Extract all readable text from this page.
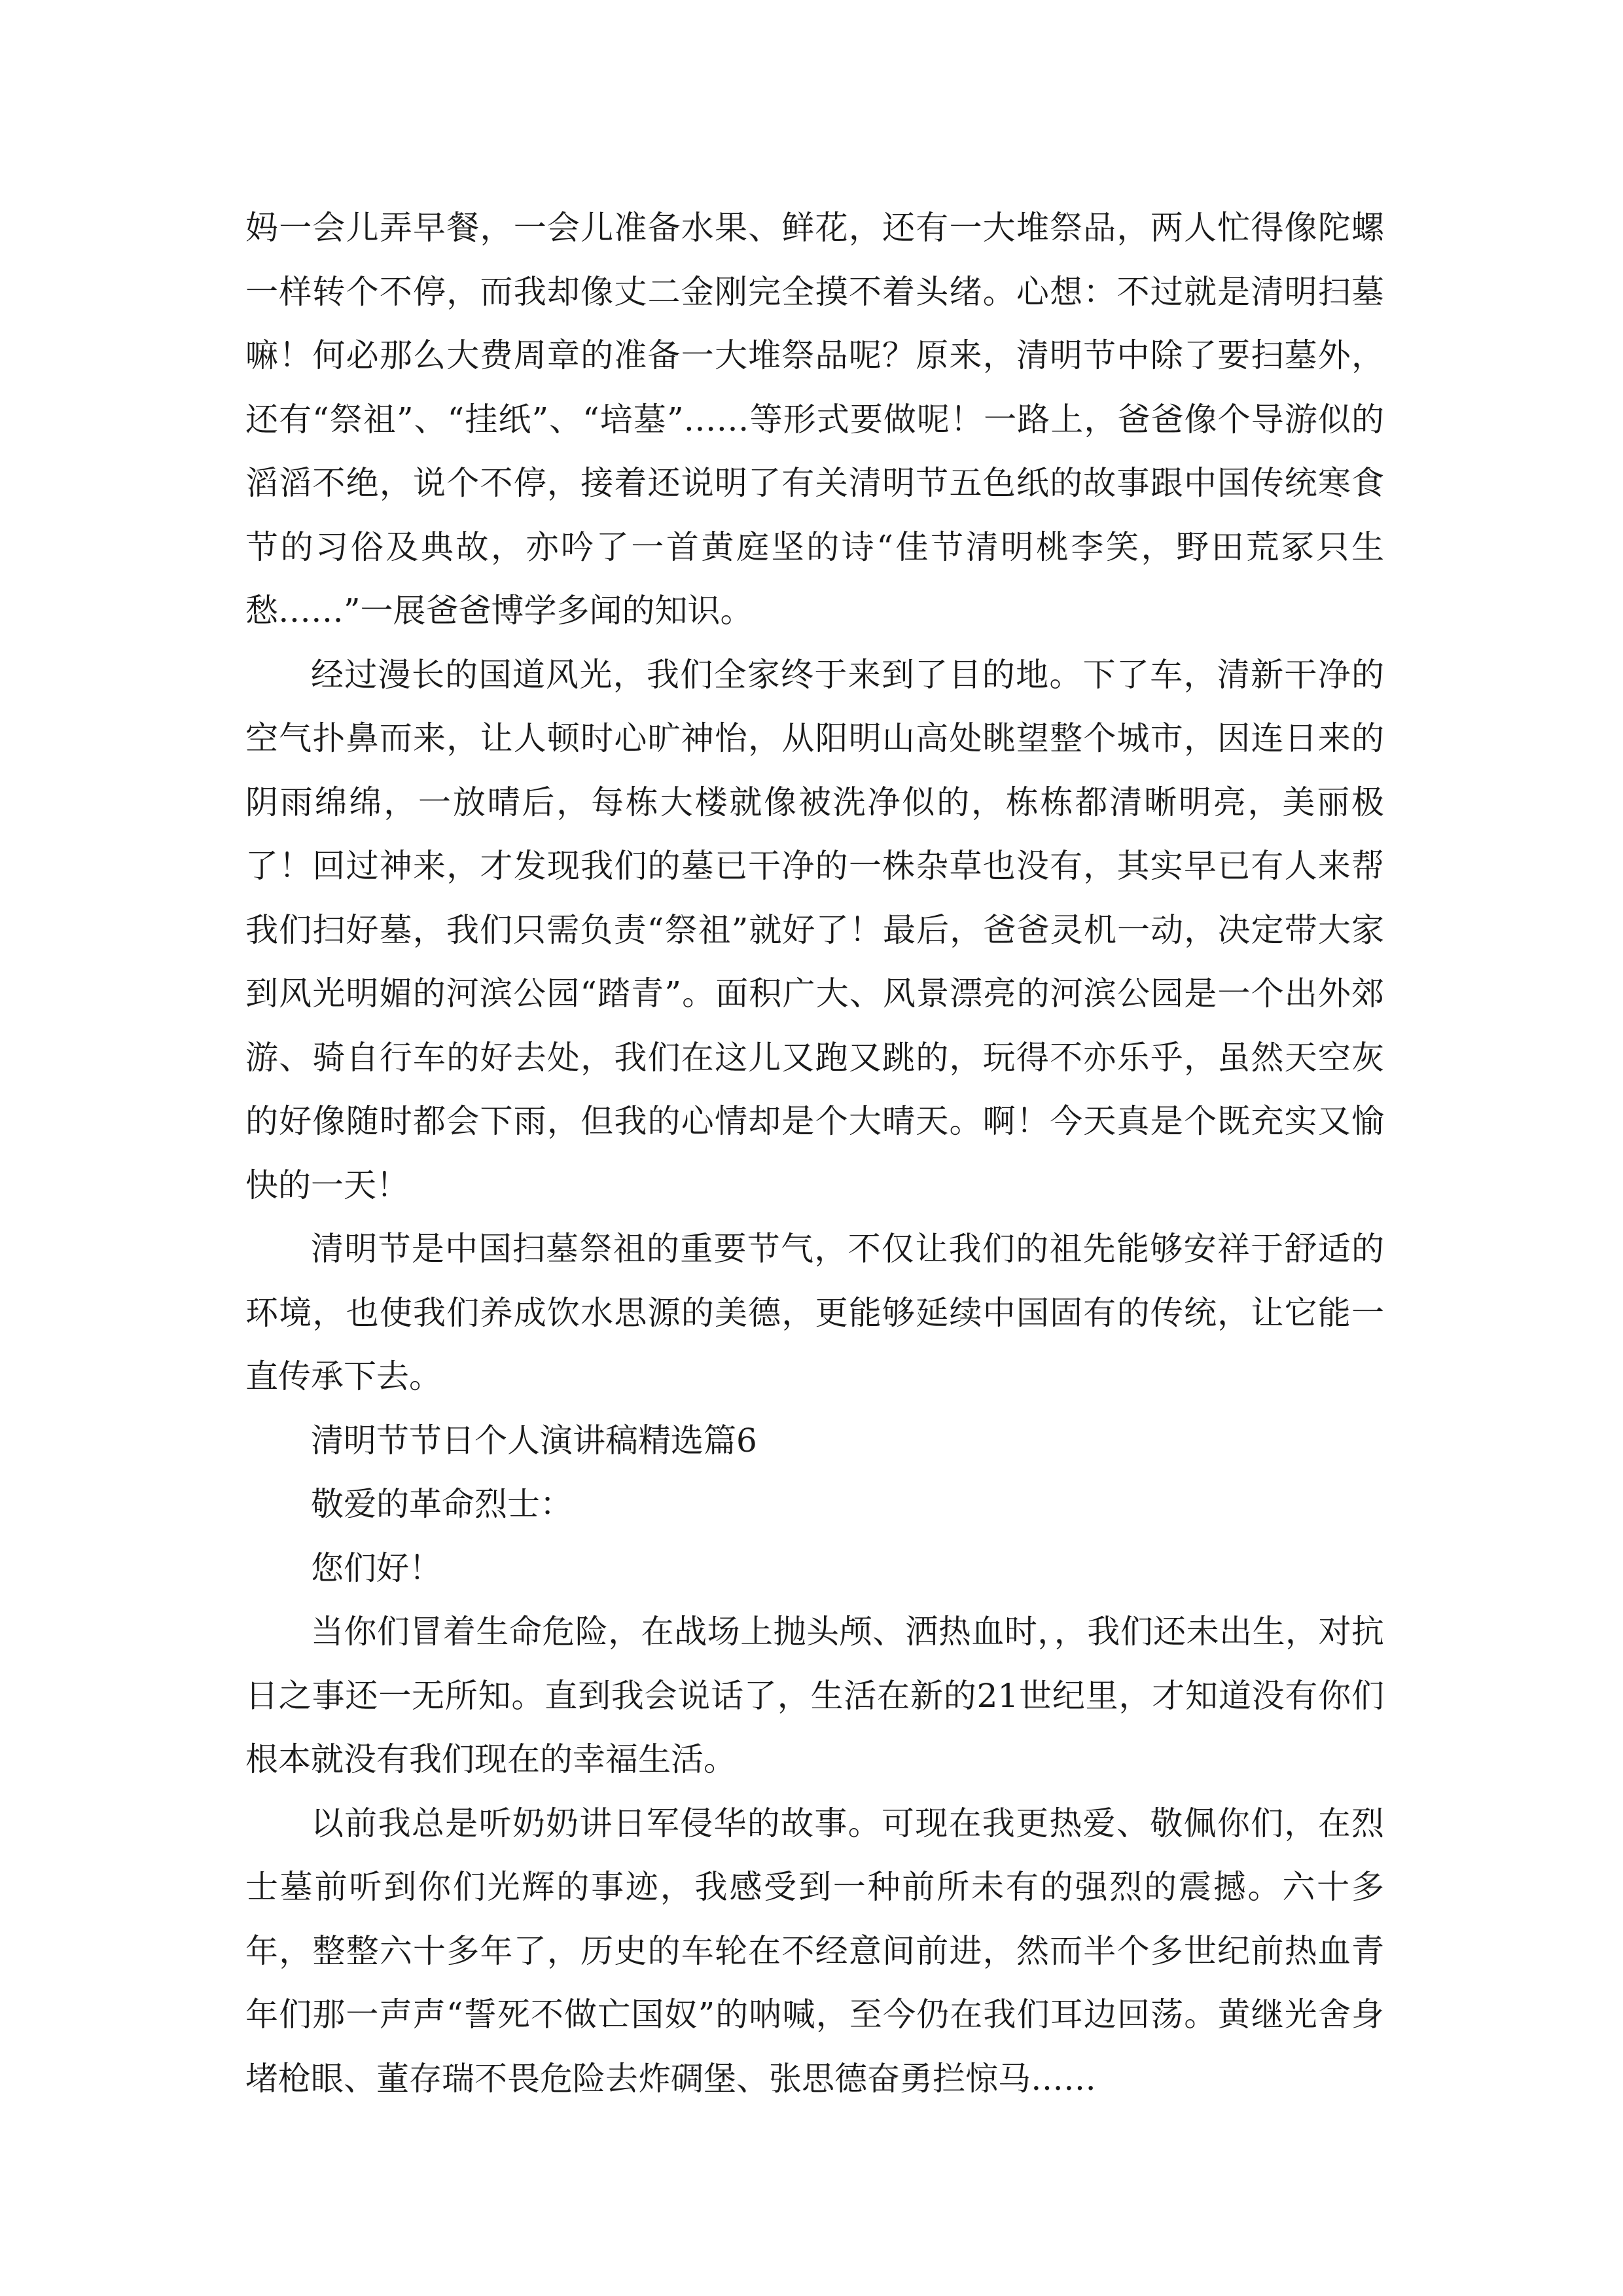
妈一会儿弄早餐，一会儿准备水果、鲜花，还有一大堆祭品，两人忙得像陀螺一样转个不停，而我却像丈二金刚完全摸不着头绪。心想：不过就是清明扫墓嘛！何必那么大费周章的准备一大堆祭品呢？原来，清明节中除了要扫墓外，还有“祭祖”、“挂纸”、“培墓”……等形式要做呢！一路上，爸爸像个导游似的滔滔不绝，说个不停，接着还说明了有关清明节五色纸的故事跟中国传统寒食节的习俗及典故，亦吟了一首黄庭坚的诗“佳节清明桃李笑，野田荒冢只生愁……”一展爸爸博学多闻的知识。

经过漫长的国道风光，我们全家终于来到了目的地。下了车，清新干净的空气扑鼻而来，让人顿时心旷神怡，从阳明山高处眺望整个城市，因连日来的阴雨绵绵，一放晴后，每栋大楼就像被洗净似的，栋栋都清晰明亮，美丽极了！回过神来，才发现我们的墓已干净的一株杂草也没有，其实早已有人来帮我们扫好墓，我们只需负责“祭祖”就好了！最后，爸爸灵机一动，决定带大家到风光明媚的河滨公园“踏青”。面积广大、风景漂亮的河滨公园是一个出外郊游、骑自行车的好去处，我们在这儿又跑又跳的，玩得不亦乐乎，虽然天空灰的好像随时都会下雨，但我的心情却是个大晴天。啊！今天真是个既充实又愉快的一天！

清明节是中国扫墓祭祖的重要节气，不仅让我们的祖先能够安祥于舒适的环境，也使我们养成饮水思源的美德，更能够延续中国固有的传统，让它能一直传承下去。

清明节节日个人演讲稿精选篇6

敬爱的革命烈士：

您们好！

当你们冒着生命危险，在战场上抛头颅、洒热血时，，我们还未出生，对抗日之事还一无所知。直到我会说话了，生活在新的21世纪里，才知道没有你们根本就没有我们现在的幸福生活。

以前我总是听奶奶讲日军侵华的故事。可现在我更热爱、敬佩你们，在烈士墓前听到你们光辉的事迹，我感受到一种前所未有的强烈的震撼。六十多年，整整六十多年了，历史的车轮在不经意间前进，然而半个多世纪前热血青年们那一声声“誓死不做亡国奴”的呐喊，至今仍在我们耳边回荡。黄继光舍身堵枪眼、董存瑞不畏危险去炸碉堡、张思德奋勇拦惊马……
